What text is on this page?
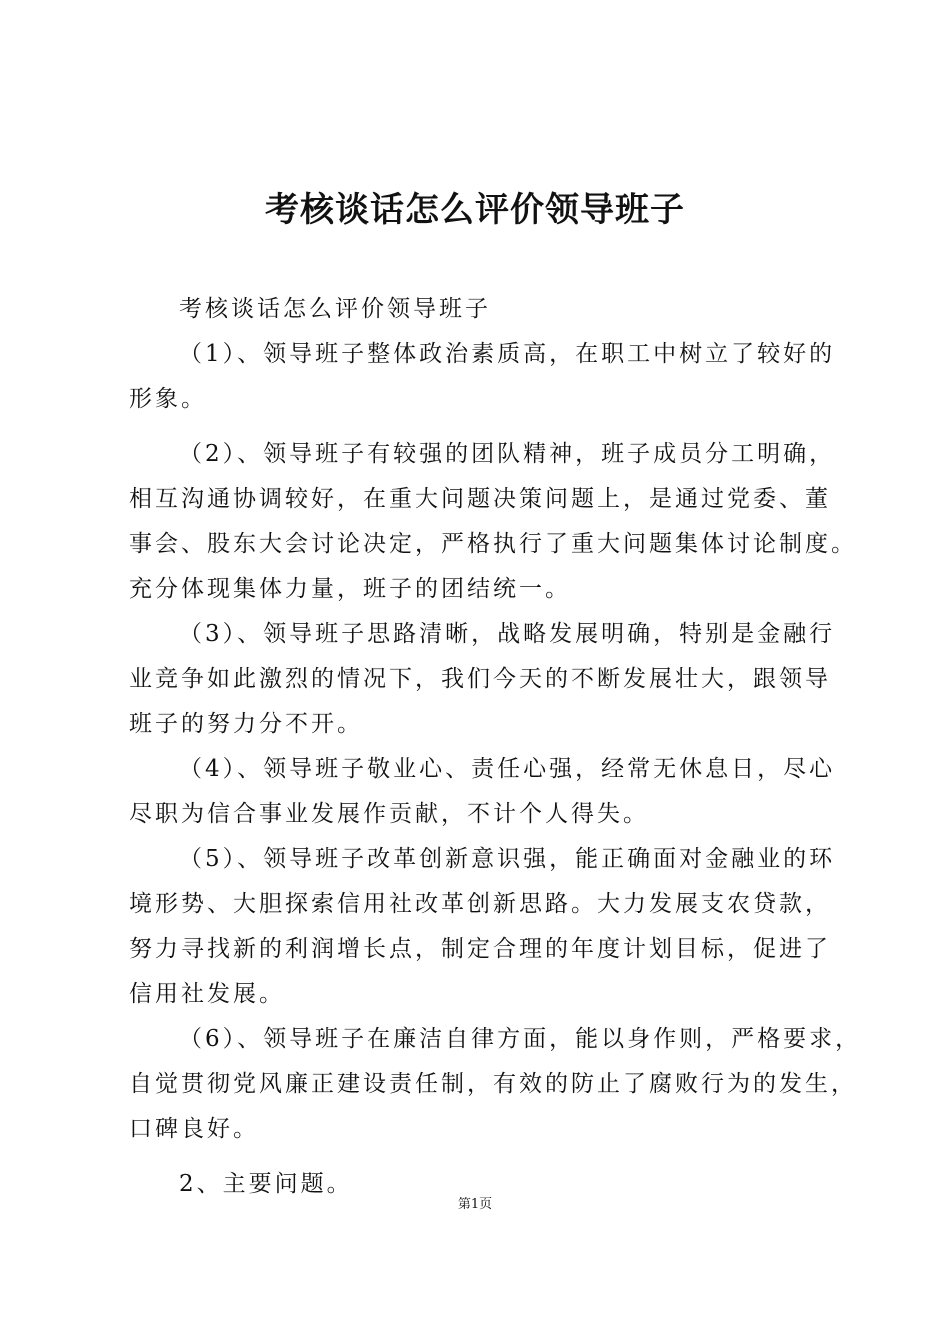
考核谈话怎么评价领导班子
考核谈话怎么评价领导班子
（1）、领导班子整体政治素质高，在职工中树立了较好的
形象。
（2）、领导班子有较强的团队精神，班子成员分工明确，
相互沟通协调较好，在重大问题决策问题上，是通过党委、董
事会、股东大会讨论决定，严格执行了重大问题集体讨论制度。
充分体现集体力量，班子的团结统一。
（3）、领导班子思路清晰，战略发展明确，特别是金融行
业竞争如此激烈的情况下，我们今天的不断发展壮大，跟领导
班子的努力分不开。
（4）、领导班子敬业心、责任心强，经常无休息日，尽心
尽职为信合事业发展作贡献，不计个人得失。
（5）、领导班子改革创新意识强，能正确面对金融业的环
境形势、大胆探索信用社改革创新思路。大力发展支农贷款，
努力寻找新的利润增长点，制定合理的年度计划目标，促进了
信用社发展。
（6）、领导班子在廉洁自律方面，能以身作则，严格要求，
自觉贯彻党风廉正建设责任制，有效的防止了腐败行为的发生，
口碑良好。
2、主要问题。
第1页
